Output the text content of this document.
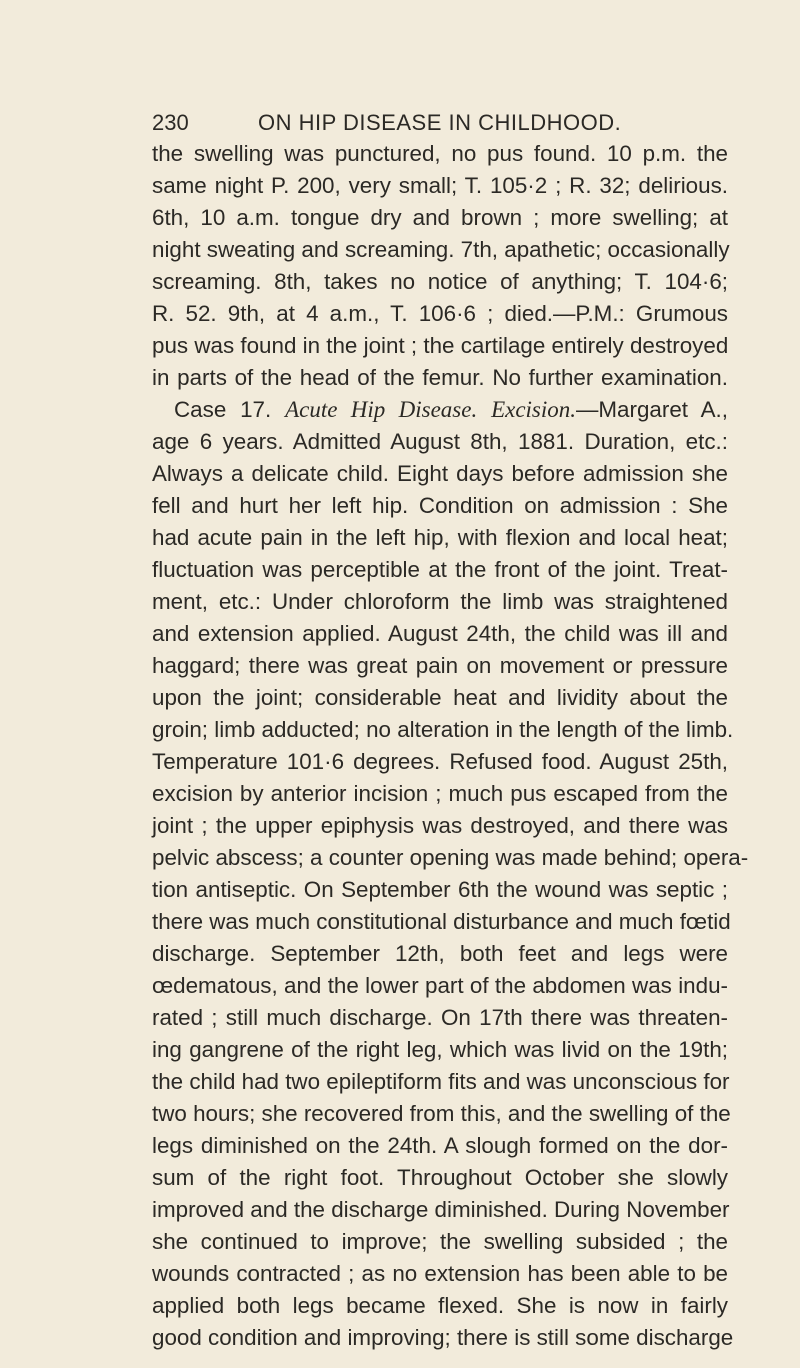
230	ON HIP DISEASE IN CHILDHOOD.
the swelling was punctured, no pus found. 10 p.m. the
same night P. 200, very small; T. 105·2 ; R. 32; delirious.
6th, 10 a.m. tongue dry and brown ; more swelling; at
night sweating and screaming. 7th, apathetic; occasionally
screaming. 8th, takes no notice of anything; T. 104·6;
R. 52. 9th, at 4 a.m., T. 106·6 ; died.—P.M.: Grumous
pus was found in the joint ; the cartilage entirely destroyed
in parts of the head of the femur. No further examination.
Case 17. Acute Hip Disease. Excision.—Margaret A.,
age 6 years. Admitted August 8th, 1881. Duration, etc.:
Always a delicate child. Eight days before admission she
fell and hurt her left hip. Condition on admission : She
had acute pain in the left hip, with flexion and local heat;
fluctuation was perceptible at the front of the joint. Treat-
ment, etc.: Under chloroform the limb was straightened
and extension applied. August 24th, the child was ill and
haggard; there was great pain on movement or pressure
upon the joint; considerable heat and lividity about the
groin; limb adducted; no alteration in the length of the limb.
Temperature 101·6 degrees. Refused food. August 25th,
excision by anterior incision ; much pus escaped from the
joint ; the upper epiphysis was destroyed, and there was
pelvic abscess; a counter opening was made behind; opera-
tion antiseptic. On September 6th the wound was septic ;
there was much constitutional disturbance and much fœtid
discharge. September 12th, both feet and legs were
œdematous, and the lower part of the abdomen was indu-
rated ; still much discharge. On 17th there was threaten-
ing gangrene of the right leg, which was livid on the 19th;
the child had two epileptiform fits and was unconscious for
two hours; she recovered from this, and the swelling of the
legs diminished on the 24th. A slough formed on the dor-
sum of the right foot. Throughout October she slowly
improved and the discharge diminished. During November
she continued to improve; the swelling subsided ; the
wounds contracted ; as no extension has been able to be
applied both legs became flexed. She is now in fairly
good condition and improving; there is still some discharge
